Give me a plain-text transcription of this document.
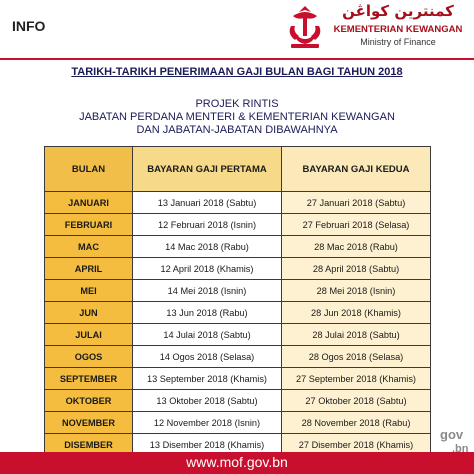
INFO
كمنترين كواڠن
KEMENTERIAN KEWANGAN
Ministry of Finance
TARIKH-TARIKH PENERIMAAN GAJI BULAN BAGI TAHUN 2018
PROJEK RINTIS
JABATAN PERDANA MENTERI & KEMENTERIAN KEWANGAN
DAN JABATAN-JABATAN DIBAWAHNYA
BULAN	BAYARAN GAJI PERTAMA	BAYARAN GAJI KEDUA
JANUARI	13 Januari 2018 (Sabtu)	27 Januari 2018 (Sabtu)
FEBRUARI	12 Februari 2018 (Isnin)	27 Februari 2018 (Selasa)
MAC	14 Mac 2018 (Rabu)	28 Mac 2018 (Rabu)
APRIL	12 April 2018 (Khamis)	28 April 2018 (Sabtu)
MEI	14 Mei 2018 (Isnin)	28 Mei 2018 (Isnin)
JUN	13 Jun 2018 (Rabu)	28 Jun 2018 (Khamis)
JULAI	14 Julai 2018 (Sabtu)	28 Julai 2018 (Sabtu)
OGOS	14 Ogos 2018 (Selasa)	28 Ogos 2018 (Selasa)
SEPTEMBER	13 September 2018 (Khamis)	27 September 2018 (Khamis)
OKTOBER	13 Oktober 2018 (Sabtu)	27 Oktober 2018 (Sabtu)
NOVEMBER	12 November 2018 (Isnin)	28 November 2018 (Rabu)
DISEMBER	13 Disember 2018 (Khamis)	27 Disember 2018 (Khamis)
www.mof.gov.bn
gov
.bn
